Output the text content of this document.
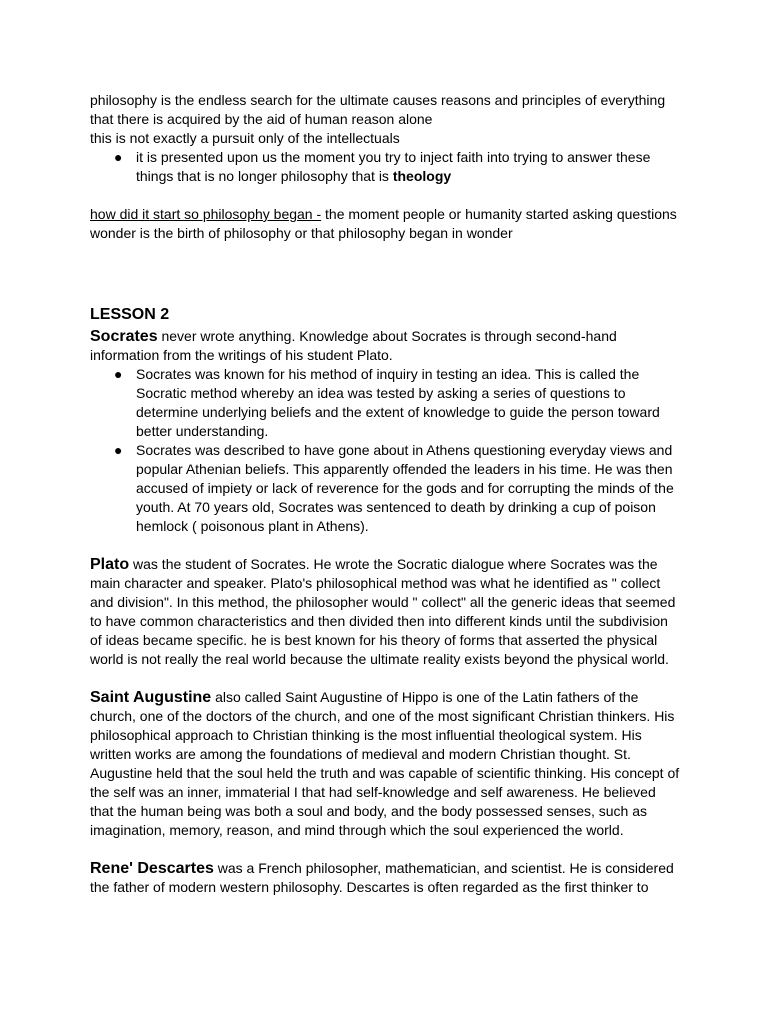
philosophy is the endless search for the ultimate causes reasons and principles of everything that there is acquired by the aid of human reason alone

this is not exactly a pursuit only of the intellectuals

● it is presented upon us the moment you try to inject faith into trying to answer these things that is no longer philosophy that is theology

how did it start so philosophy began - the moment people or humanity started asking questions wonder is the birth of philosophy or that philosophy began in wonder

LESSON 2

Socrates never wrote anything. Knowledge about Socrates is through second-hand information from the writings of his student Plato.

● Socrates was known for his method of inquiry in testing an idea. This is called the Socratic method whereby an idea was tested by asking a series of questions to determine underlying beliefs and the extent of knowledge to guide the person toward better understanding.
● Socrates was described to have gone about in Athens questioning everyday views and popular Athenian beliefs. This apparently offended the leaders in his time. He was then accused of impiety or lack of reverence for the gods and for corrupting the minds of the youth. At 70 years old, Socrates was sentenced to death by drinking a cup of poison hemlock ( poisonous plant in Athens).

Plato was the student of Socrates. He wrote the Socratic dialogue where Socrates was the main character and speaker. Plato's philosophical method was what he identified as " collect and division". In this method, the philosopher would " collect" all the generic ideas that seemed to have common characteristics and then divided then into different kinds until the subdivision of ideas became specific. he is best known for his theory of forms that asserted the physical world is not really the real world because the ultimate reality exists beyond the physical world.

Saint Augustine also called Saint Augustine of Hippo is one of the Latin fathers of the church, one of the doctors of the church, and one of the most significant Christian thinkers. His philosophical approach to Christian thinking is the most influential theological system. His written works are among the foundations of medieval and modern Christian thought. St. Augustine held that the soul held the truth and was capable of scientific thinking. His concept of the self was an inner, immaterial I that had self-knowledge and self awareness. He believed that the human being was both a soul and body, and the body possessed senses, such as imagination, memory, reason, and mind through which the soul experienced the world.

Rene' Descartes was a French philosopher, mathematician, and scientist. He is considered the father of modern western philosophy. Descartes is often regarded as the first thinker to
